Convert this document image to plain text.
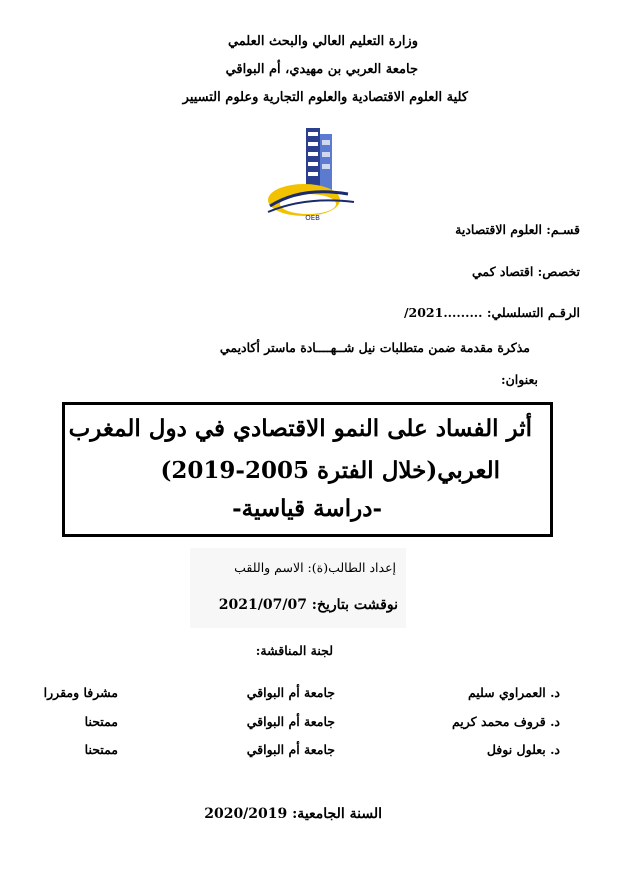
وزارة التعليم العالي والبحث العلمي
جامعة العربي بن مهيدي، أم البواقي
كلية العلوم الاقتصادية والعلوم التجارية وعلوم التسيير
OEB
قسـم: العلوم الاقتصادية
تخصص: اقتصاد كمي
الرقـم التسلسلي: .........2021/
مذكرة مقدمة ضمن متطلبات نيل شــهــــادة ماستر أكاديمي
بعنوان:
أثر الفساد على النمو الاقتصادي في دول المغرب
العربي(خلال الفترة 2005-2019)
-دراسة قياسية-
إعداد الطالب(ة): الاسم واللقب
نوقشت بتاريخ: 2021/07/07
لجنة المناقشة:
د. العمراوي سليم
جامعة أم البواقي
مشرفا ومقررا
د. قروف محمد كريم
جامعة أم البواقي
ممتحنا
د. بعلول نوفل
جامعة أم البواقي
ممتحنا
السنة الجامعية: 2020/2019
